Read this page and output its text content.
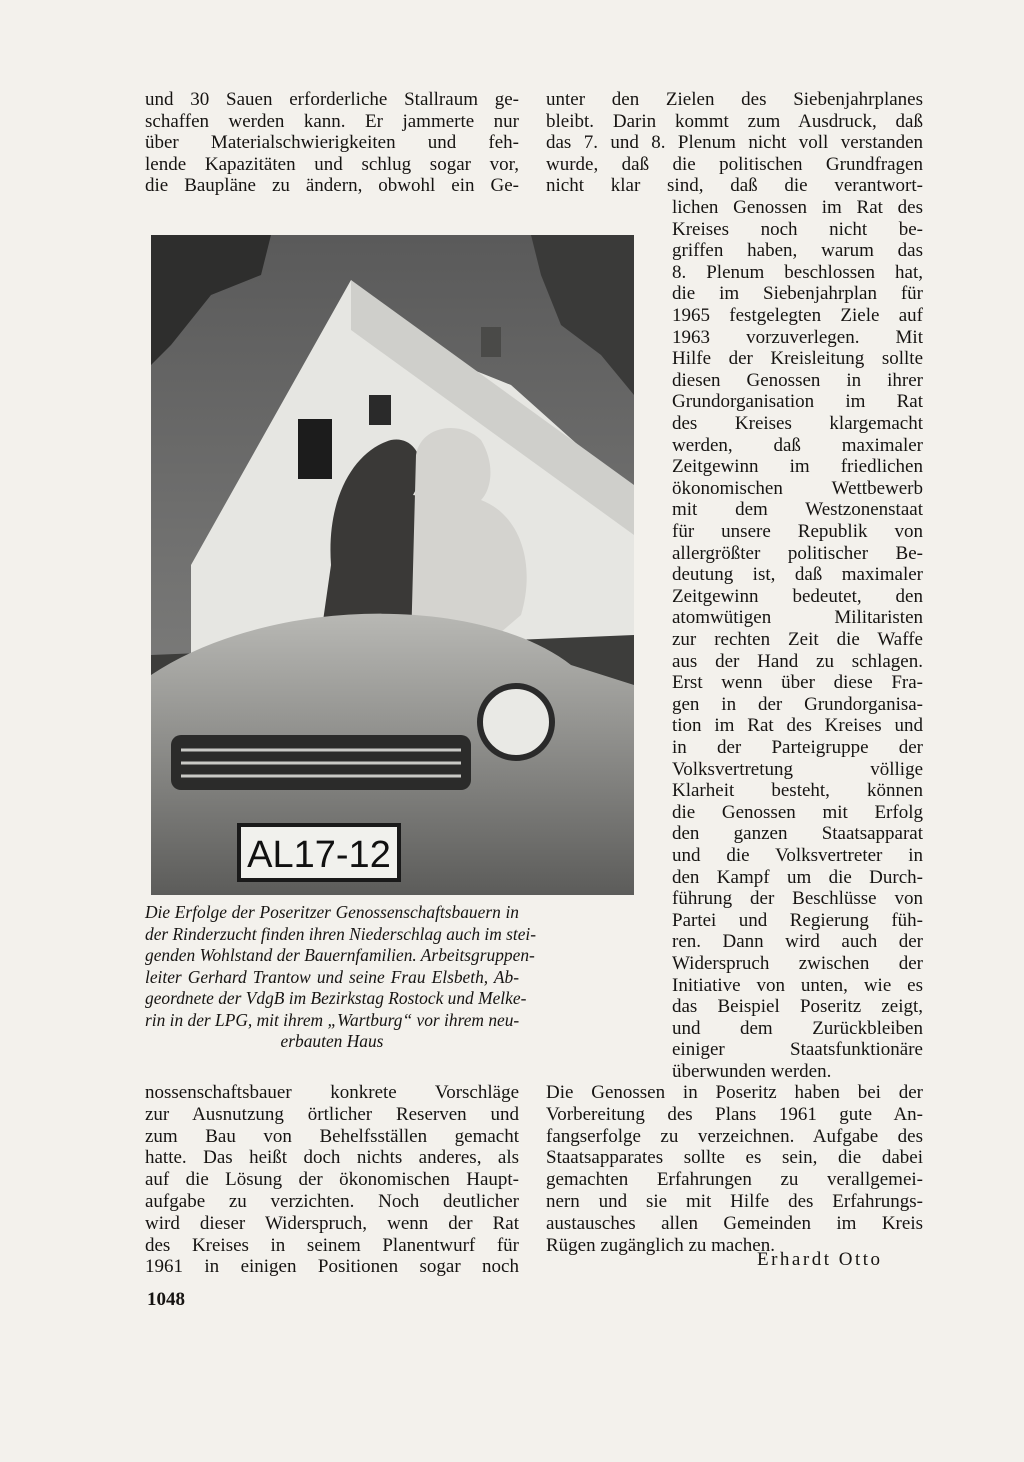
AL17-12
und 30 Sauen erforderliche Stallraum ge-
schaffen werden kann. Er jammerte nur
über Materialschwierigkeiten und feh-
lende Kapazitäten und schlug sogar vor,
die Baupläne zu ändern, obwohl ein Ge-
unter den Zielen des Siebenjahrplanes
bleibt. Darin kommt zum Ausdruck, daß
das 7. und 8. Plenum nicht voll verstanden
wurde, daß die politischen Grundfragen
nicht klar sind, daß die verantwort-
lichen Genossen im Rat des
Kreises noch nicht be-
griffen haben, warum das
8. Plenum beschlossen hat,
die im Siebenjahrplan für
1965 festgelegten Ziele auf
1963 vorzuverlegen. Mit
Hilfe der Kreisleitung sollte
diesen Genossen in ihrer
Grundorganisation im Rat
des Kreises klargemacht
werden, daß maximaler
Zeitgewinn im friedlichen
ökonomischen Wettbewerb
mit dem Westzonenstaat
für unsere Republik von
allergrößter politischer Be-
deutung ist, daß maximaler
Zeitgewinn bedeutet, den
atomwütigen Militaristen
zur rechten Zeit die Waffe
aus der Hand zu schlagen.
Erst wenn über diese Fra-
gen in der Grundorganisa-
tion im Rat des Kreises und
in der Parteigruppe der
Volksvertretung völlige
Klarheit besteht, können
die Genossen mit Erfolg
den ganzen Staatsapparat
und die Volksvertreter in
den Kampf um die Durch-
führung der Beschlüsse von
Partei und Regierung füh-
ren. Dann wird auch der
Widerspruch zwischen der
Initiative von unten, wie es
das Beispiel Poseritz zeigt,
und dem Zurückbleiben
einiger Staatsfunktionäre
überwunden werden.
Die Erfolge der Poseritzer Genossenschaftsbauern in
der Rinderzucht finden ihren Niederschlag auch im stei-
genden Wohlstand der Bauernfamilien. Arbeitsgruppen-
leiter Gerhard Trantow und seine Frau Elsbeth, Ab-
geordnete der VdgB im Bezirkstag Rostock und Melke-
rin in der LPG, mit ihrem „Wartburg“ vor ihrem neu-
erbauten Haus
nossenschaftsbauer konkrete Vorschläge
zur Ausnutzung örtlicher Reserven und
zum Bau von Behelfsställen gemacht
hatte. Das heißt doch nichts anderes, als
auf die Lösung der ökonomischen Haupt-
aufgabe zu verzichten. Noch deutlicher
wird dieser Widerspruch, wenn der Rat
des Kreises in seinem Planentwurf für
1961 in einigen Positionen sogar noch
Die Genossen in Poseritz haben bei der
Vorbereitung des Plans 1961 gute An-
fangserfolge zu verzeichnen. Aufgabe des
Staatsapparates sollte es sein, die dabei
gemachten Erfahrungen zu verallgemei-
nern und sie mit Hilfe des Erfahrungs-
austausches allen Gemeinden im Kreis
Rügen zugänglich zu machen.
Erhardt Otto
1048
